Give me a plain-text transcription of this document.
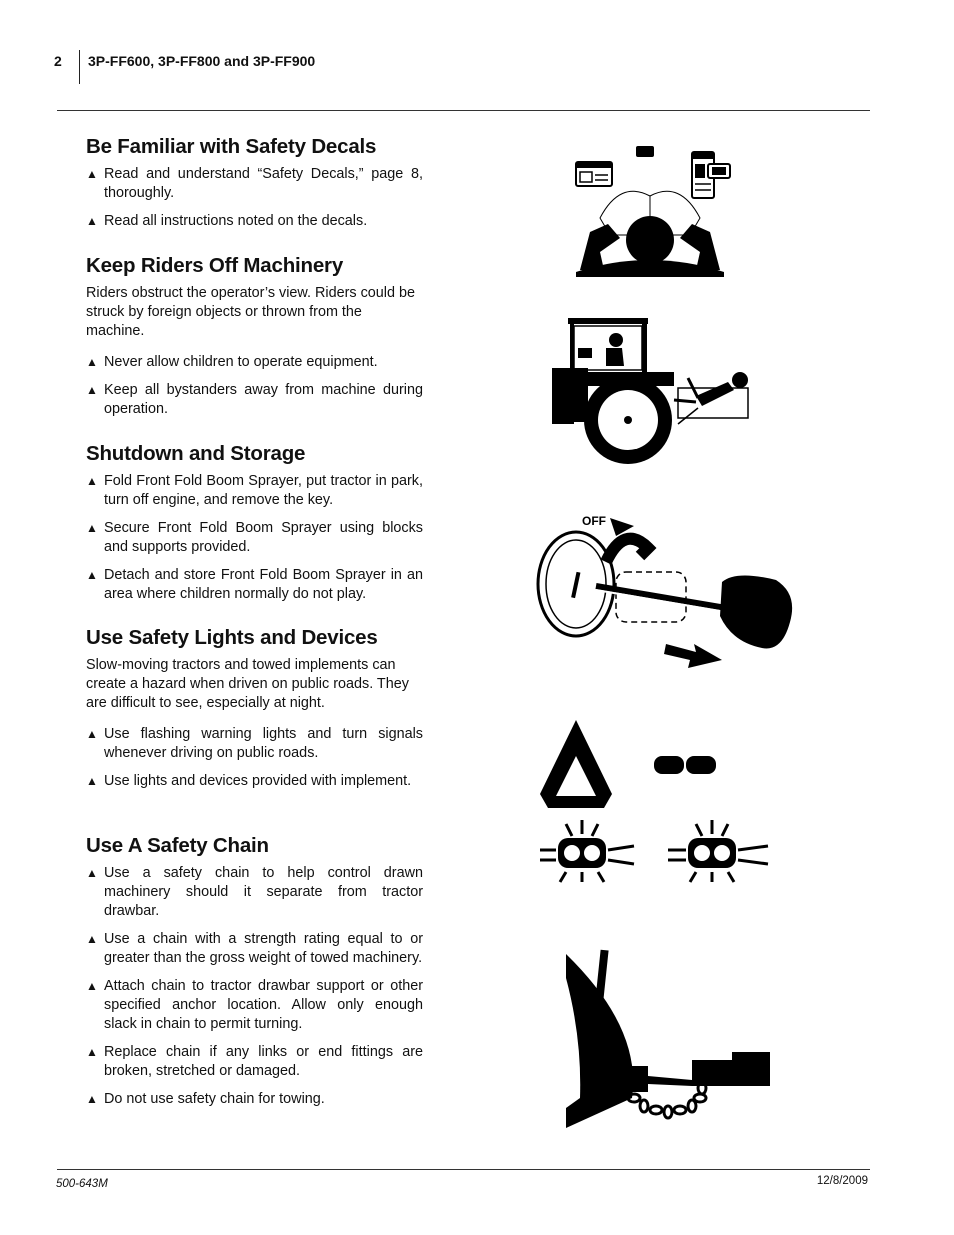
2 3P-FF600, 3P-FF800 and 3P-FF900
Be Familiar with Safety Decals
▲ Read and understand “Safety Decals,” page 8, thoroughly.
▲ Read all instructions noted on the decals.
Keep Riders Off Machinery

Riders obstruct the operator’s view. Riders could be struck by foreign objects or thrown from the machine.

▲ Never allow children to operate equipment.
▲ Keep all bystanders away from machine during operation.
Shutdown and Storage
▲ Fold Front Fold Boom Sprayer, put tractor in park, turn off engine, and remove the key.
▲ Secure Front Fold Boom Sprayer using blocks and supports provided.
▲ Detach and store Front Fold Boom Sprayer in an area where children normally do not play.
Use Safety Lights and Devices

Slow-moving tractors and towed implements can create a hazard when driven on public roads. They are difficult to see, especially at night.

▲ Use flashing warning lights and turn signals whenever driving on public roads.
▲ Use lights and devices provided with implement.
Use A Safety Chain
▲ Use a safety chain to help control drawn machinery should it separate from tractor drawbar.
▲ Use a chain with a strength rating equal to or greater than the gross weight of towed machinery.
▲ Attach chain to tractor drawbar support or other specified anchor location. Allow only enough slack in chain to permit turning.
▲ Replace chain if any links or end fittings are broken, stretched or damaged.
▲ Do not use safety chain for towing.
OFF
500-643M	12/8/2009
